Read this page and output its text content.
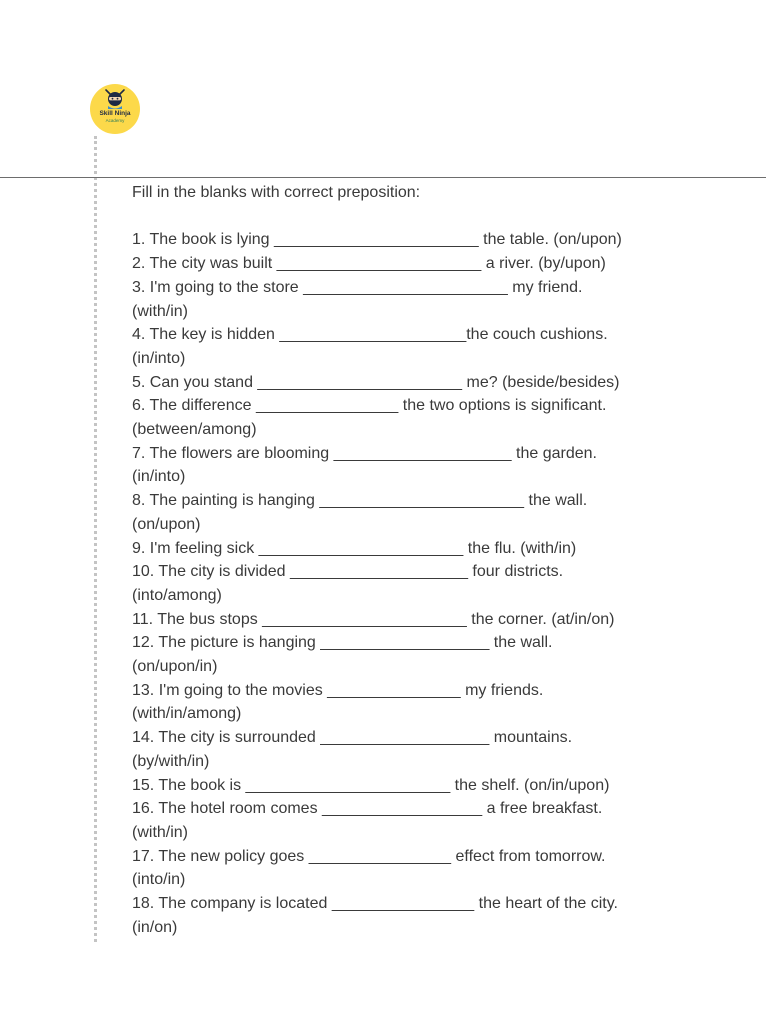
Skill Ninja
Academy

Fill in the blanks with correct preposition:

1. The book is lying _______________________ the table. (on/upon)
2. The city was built _______________________ a river. (by/upon)
3. I'm going to the store _______________________ my friend.
(with/in)
4. The key is hidden _____________________the couch cushions.
(in/into)
5. Can you stand _______________________ me? (beside/besides)
6. The difference ________________ the two options is significant.
(between/among)
7. The flowers are blooming ____________________ the garden.
(in/into)
8. The painting is hanging _______________________ the wall.
(on/upon)
9. I'm feeling sick _______________________ the flu. (with/in)
10. The city is divided ____________________ four districts.
(into/among)
11. The bus stops _______________________ the corner. (at/in/on)
12. The picture is hanging ___________________ the wall.
(on/upon/in)
13. I'm going to the movies _______________ my friends.
(with/in/among)
14. The city is surrounded ___________________ mountains.
(by/with/in)
15. The book is _______________________ the shelf. (on/in/upon)
16. The hotel room comes __________________ a free breakfast.
(with/in)
17. The new policy goes ________________ effect from tomorrow.
(into/in)
18. The company is located ________________ the heart of the city.
(in/on)
